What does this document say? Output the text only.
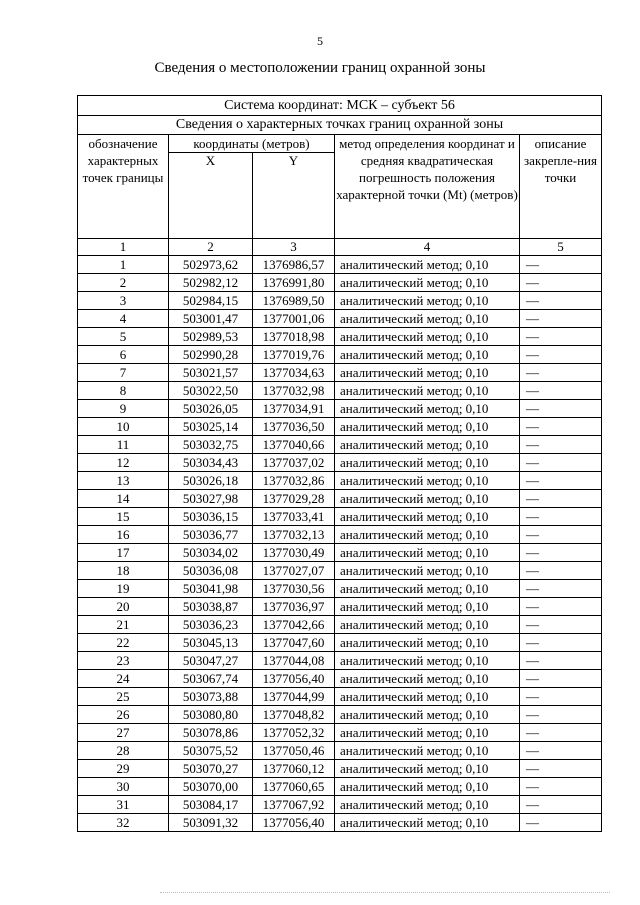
5
Сведения о местоположении границ охранной зоны
Система координат: МСК – субъект 56				
Сведения о характерных точках границ охранной зоны				
обозначение характерных точек границы	координаты (метров)		метод определения координат и средняя квадратическая погрешность положения характерной точки (Mt) (метров)	описание закрепле-ния точки
	X	Y		
1	2	3	4	5
1	502973,62	1376986,57	аналитический метод; 0,10	—
2	502982,12	1376991,80	аналитический метод; 0,10	—
3	502984,15	1376989,50	аналитический метод; 0,10	—
4	503001,47	1377001,06	аналитический метод; 0,10	—
5	502989,53	1377018,98	аналитический метод; 0,10	—
6	502990,28	1377019,76	аналитический метод; 0,10	—
7	503021,57	1377034,63	аналитический метод; 0,10	—
8	503022,50	1377032,98	аналитический метод; 0,10	—
9	503026,05	1377034,91	аналитический метод; 0,10	—
10	503025,14	1377036,50	аналитический метод; 0,10	—
11	503032,75	1377040,66	аналитический метод; 0,10	—
12	503034,43	1377037,02	аналитический метод; 0,10	—
13	503026,18	1377032,86	аналитический метод; 0,10	—
14	503027,98	1377029,28	аналитический метод; 0,10	—
15	503036,15	1377033,41	аналитический метод; 0,10	—
16	503036,77	1377032,13	аналитический метод; 0,10	—
17	503034,02	1377030,49	аналитический метод; 0,10	—
18	503036,08	1377027,07	аналитический метод; 0,10	—
19	503041,98	1377030,56	аналитический метод; 0,10	—
20	503038,87	1377036,97	аналитический метод; 0,10	—
21	503036,23	1377042,66	аналитический метод; 0,10	—
22	503045,13	1377047,60	аналитический метод; 0,10	—
23	503047,27	1377044,08	аналитический метод; 0,10	—
24	503067,74	1377056,40	аналитический метод; 0,10	—
25	503073,88	1377044,99	аналитический метод; 0,10	—
26	503080,80	1377048,82	аналитический метод; 0,10	—
27	503078,86	1377052,32	аналитический метод; 0,10	—
28	503075,52	1377050,46	аналитический метод; 0,10	—
29	503070,27	1377060,12	аналитический метод; 0,10	—
30	503070,00	1377060,65	аналитический метод; 0,10	—
31	503084,17	1377067,92	аналитический метод; 0,10	—
32	503091,32	1377056,40	аналитический метод; 0,10	—
